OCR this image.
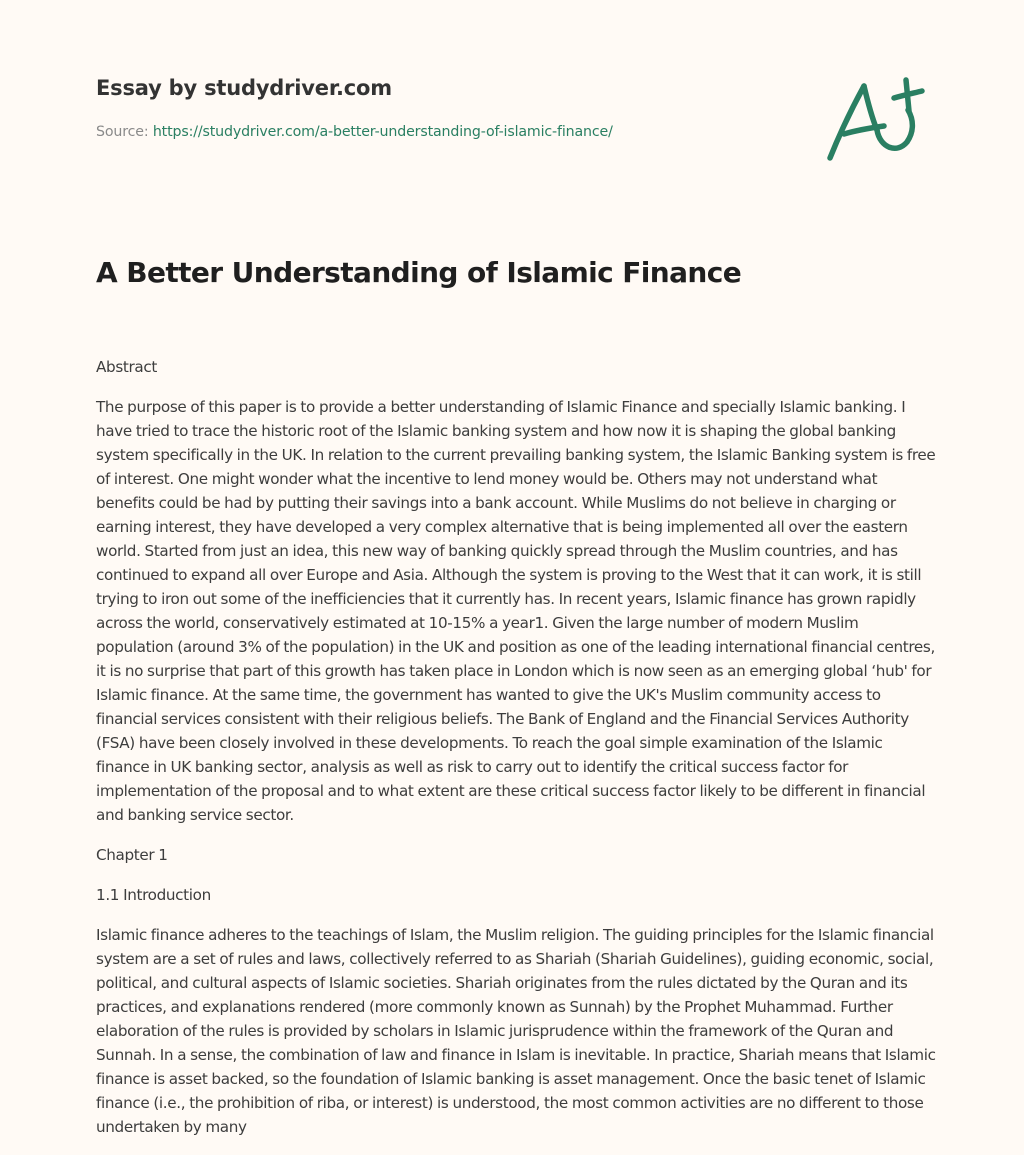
Essay by studydriver.com
Source: https://studydriver.com/a-better-understanding-of-islamic-finance/
A Better Understanding of Islamic Finance

Abstract

The purpose of this paper is to provide a better understanding of Islamic Finance and specially Islamic banking. I have tried to trace the historic root of the Islamic banking system and how now it is shaping the global banking system specifically in the UK. In relation to the current prevailing banking system, the Islamic Banking system is free of interest. One might wonder what the incentive to lend money would be. Others may not understand what benefits could be had by putting their savings into a bank account. While Muslims do not believe in charging or earning interest, they have developed a very complex alternative that is being implemented all over the eastern world. Started from just an idea, this new way of banking quickly spread through the Muslim countries, and has continued to expand all over Europe and Asia. Although the system is proving to the West that it can work, it is still trying to iron out some of the inefficiencies that it currently has. In recent years, Islamic finance has grown rapidly across the world, conservatively estimated at 10-15% a year1. Given the large number of modern Muslim population (around 3% of the population) in the UK and position as one of the leading international financial centres, it is no surprise that part of this growth has taken place in London which is now seen as an emerging global ‘hub' for Islamic finance. At the same time, the government has wanted to give the UK's Muslim community access to financial services consistent with their religious beliefs. The Bank of England and the Financial Services Authority (FSA) have been closely involved in these developments. To reach the goal simple examination of the Islamic finance in UK banking sector, analysis as well as risk to carry out to identify the critical success factor for implementation of the proposal and to what extent are these critical success factor likely to be different in financial and banking service sector.

Chapter 1

1.1 Introduction

Islamic finance adheres to the teachings of Islam, the Muslim religion. The guiding principles for the Islamic financial system are a set of rules and laws, collectively referred to as Shariah (Shariah Guidelines), guiding economic, social, political, and cultural aspects of Islamic societies. Shariah originates from the rules dictated by the Quran and its practices, and explanations rendered (more commonly known as Sunnah) by the Prophet Muhammad. Further elaboration of the rules is provided by scholars in Islamic jurisprudence within the framework of the Quran and Sunnah. In a sense, the combination of law and finance in Islam is inevitable. In practice, Shariah means that Islamic finance is asset backed, so the foundation of Islamic banking is asset management. Once the basic tenet of Islamic finance (i.e., the prohibition of riba, or interest) is understood, the most common activities are no different to those undertaken by many
